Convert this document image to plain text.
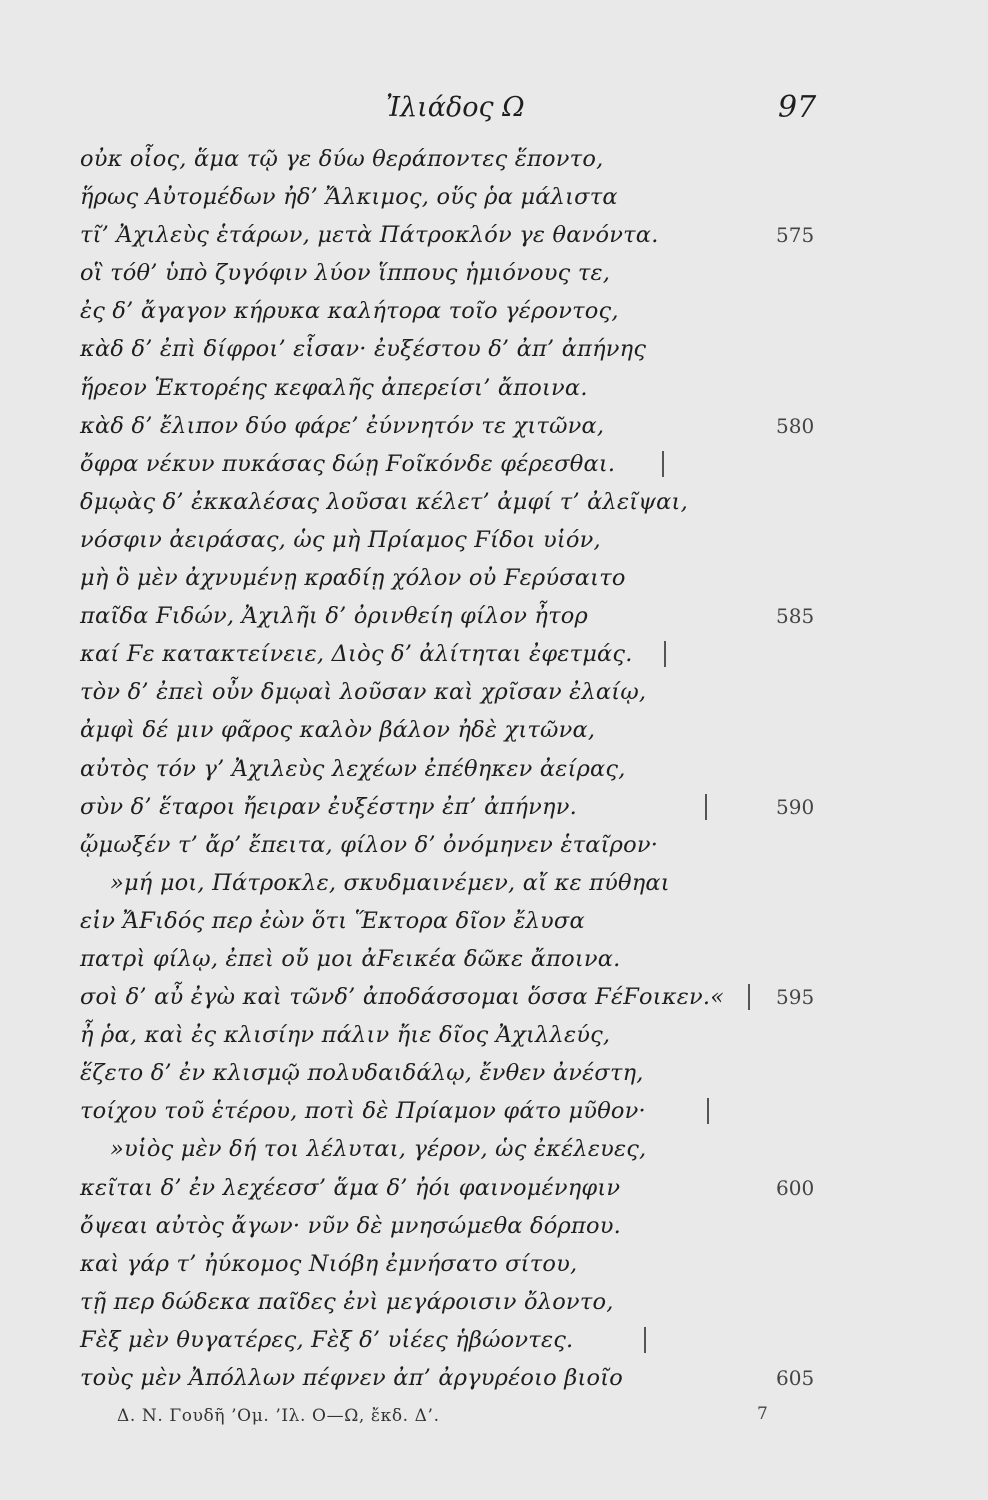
Ἰλιάδος Ω	97
οὐκ οἶος, ἅμα τῷ γε δύω θεράποντες ἕποντο,
ἥρως Αὐτομέδων ἠδ’ Ἄλκιμος, οὕς ῥα μάλιστα
τῖ’ Ἀχιλεὺς ἑτάρων, μετὰ Πάτροκλόν γε θανόντα.	575
οἳ τόθ’ ὑπὸ ζυγόφιν λύον ἵππους ἡμιόνους τε,
ἐς δ’ ἄγαγον κήρυκα καλήτορα τοῖο γέροντος,
κὰδ δ’ ἐπὶ δίφροι’ εἷσαν· ἐυξέστου δ’ ἀπ’ ἀπήνης
ἥρεον Ἑκτορέης κεφαλῆς ἀπερείσι’ ἄποινα.
κὰδ δ’ ἔλιπον δύο φάρε’ ἐύννητόν τε χιτῶνα,	580
ὄφρα νέκυν πυκάσας δώῃ Ϝοῖκόνδε φέρεσθαι.
δμῳὰς δ’ ἐκκαλέσας λοῦσαι κέλετ’ ἀμφί τ’ ἀλεῖψαι,
νόσφιν ἀειράσας, ὡς μὴ Πρίαμος Ϝίδοι υἱόν,
μὴ ὃ μὲν ἀχνυμένῃ κραδίῃ χόλον οὐ Ϝερύσαιτο
παῖδα Ϝιδών, Ἀχιλῆι δ’ ὀρινθείη φίλον ἦτορ	585
καί Ϝε κατακτείνειε, Διὸς δ’ ἀλίτηται ἐφετμάς.
τὸν δ’ ἐπεὶ οὖν δμῳαὶ λοῦσαν καὶ χρῖσαν ἐλαίῳ,
ἀμφὶ δέ μιν φᾶρος καλὸν βάλον ἠδὲ χιτῶνα,
αὐτὸς τόν γ’ Ἀχιλεὺς λεχέων ἐπέθηκεν ἀείρας,
σὺν δ’ ἕταροι ἤειραν ἐυξέστην ἐπ’ ἀπήνην.	590
ᾤμωξέν τ’ ἄρ’ ἔπειτα, φίλον δ’ ὀνόμηνεν ἑταῖρον·
»μή μοι, Πάτροκλε, σκυδμαινέμεν, αἴ κε πύθηαι
εἰν ἌϜιδός περ ἐὼν ὅτι Ἕκτορα δῖον ἔλυσα
πατρὶ φίλῳ, ἐπεὶ οὔ μοι ἀϜεικέα δῶκε ἄποινα.
σοὶ δ’ αὖ ἐγὼ καὶ τῶνδ’ ἀποδάσσομαι ὅσσα ϜέϜοικεν.«	595
ἦ ῥα, καὶ ἐς κλισίην πάλιν ἤιε δῖος Ἀχιλλεύς,
ἕζετο δ’ ἐν κλισμῷ πολυδαιδάλῳ, ἔνθεν ἀνέστη,
τοίχου τοῦ ἑτέρου, ποτὶ δὲ Πρίαμον φάτο μῦθον·
»υἱὸς μὲν δή τοι λέλυται, γέρον, ὡς ἐκέλευες,
κεῖται δ’ ἐν λεχέεσσ’ ἅμα δ’ ἠόι φαινομένηφιν	600
ὄψεαι αὐτὸς ἄγων· νῦν δὲ μνησώμεθα δόρπου.
καὶ γάρ τ’ ἠύκομος Νιόβη ἐμνήσατο σίτου,
τῇ περ δώδεκα παῖδες ἐνὶ μεγάροισιν ὄλοντο,
Ϝὲξ μὲν θυγατέρες, Ϝὲξ δ’ υἱέες ἡβώοντες.
τοὺς μὲν Ἀπόλλων πέφνεν ἀπ’ ἀργυρέοιο βιοῖο	605
Δ. Ν. Γουδῆ ’Ομ. ’Ιλ. Ο—Ω, ἔκδ. Δ’.	7
